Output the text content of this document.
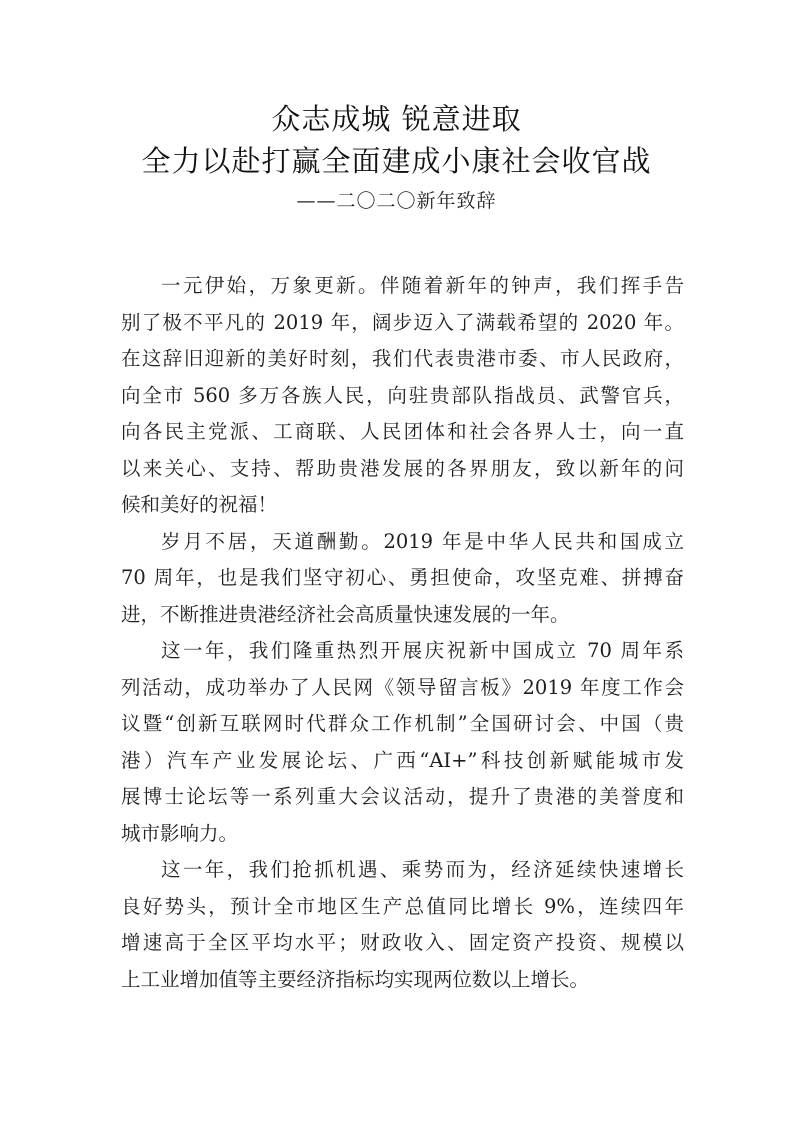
众志成城 锐意进取
全力以赴打赢全面建成小康社会收官战
——二〇二〇新年致辞
一元伊始，万象更新。伴随着新年的钟声，我们挥手告
别了极不平凡的 2019 年，阔步迈入了满载希望的 2020 年。
在这辞旧迎新的美好时刻，我们代表贵港市委、市人民政府，
向全市 560 多万各族人民，向驻贵部队指战员、武警官兵，
向各民主党派、工商联、人民团体和社会各界人士，向一直
以来关心、支持、帮助贵港发展的各界朋友，致以新年的问
候和美好的祝福！
岁月不居，天道酬勤。2019 年是中华人民共和国成立
70 周年，也是我们坚守初心、勇担使命，攻坚克难、拼搏奋
进，不断推进贵港经济社会高质量快速发展的一年。
这一年，我们隆重热烈开展庆祝新中国成立 70 周年系
列活动，成功举办了人民网《领导留言板》2019 年度工作会
议暨“创新互联网时代群众工作机制”全国研讨会、中国（贵
港）汽车产业发展论坛、广西“AI+”科技创新赋能城市发
展博士论坛等一系列重大会议活动，提升了贵港的美誉度和
城市影响力。
这一年，我们抢抓机遇、乘势而为，经济延续快速增长
良好势头，预计全市地区生产总值同比增长 9%，连续四年
增速高于全区平均水平；财政收入、固定资产投资、规模以
上工业增加值等主要经济指标均实现两位数以上增长。
